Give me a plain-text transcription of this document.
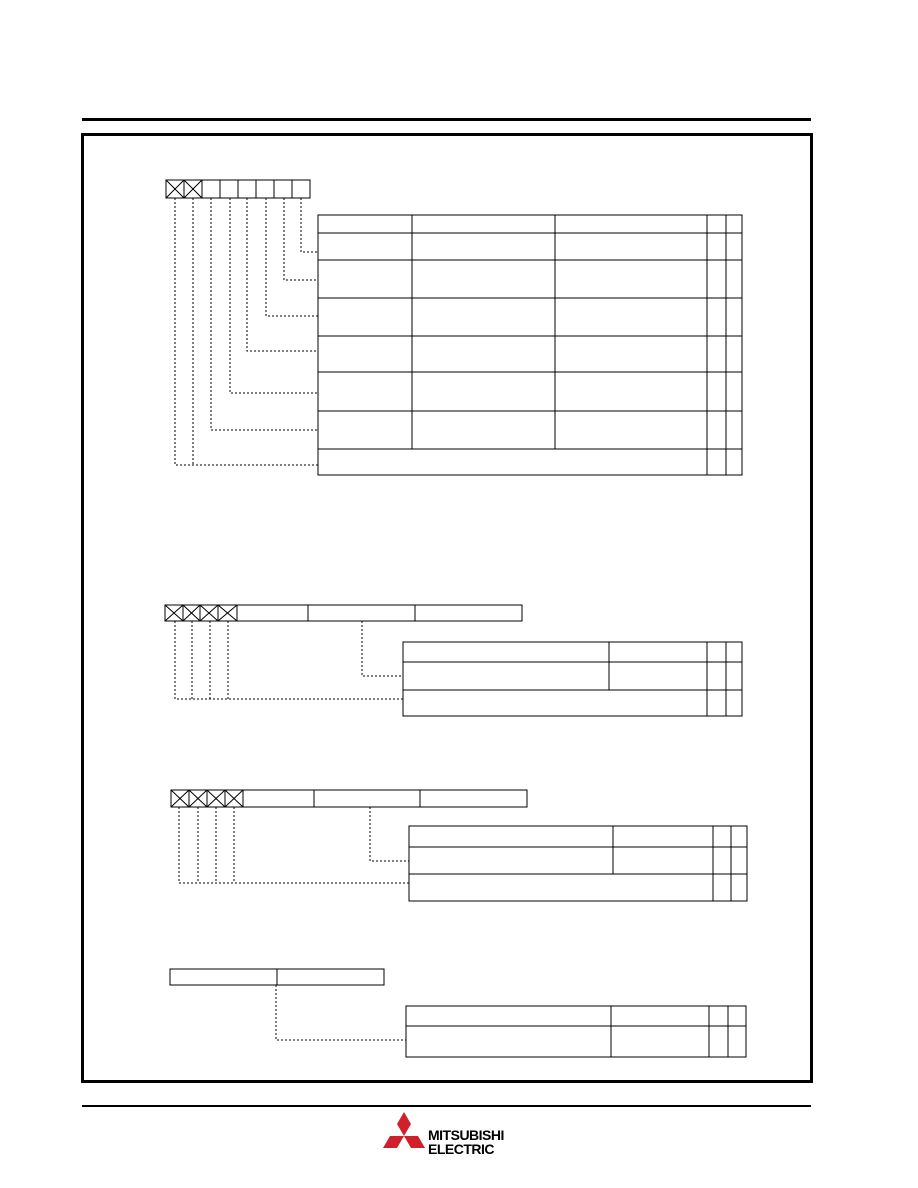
MITSUBISHI
ELECTRIC
